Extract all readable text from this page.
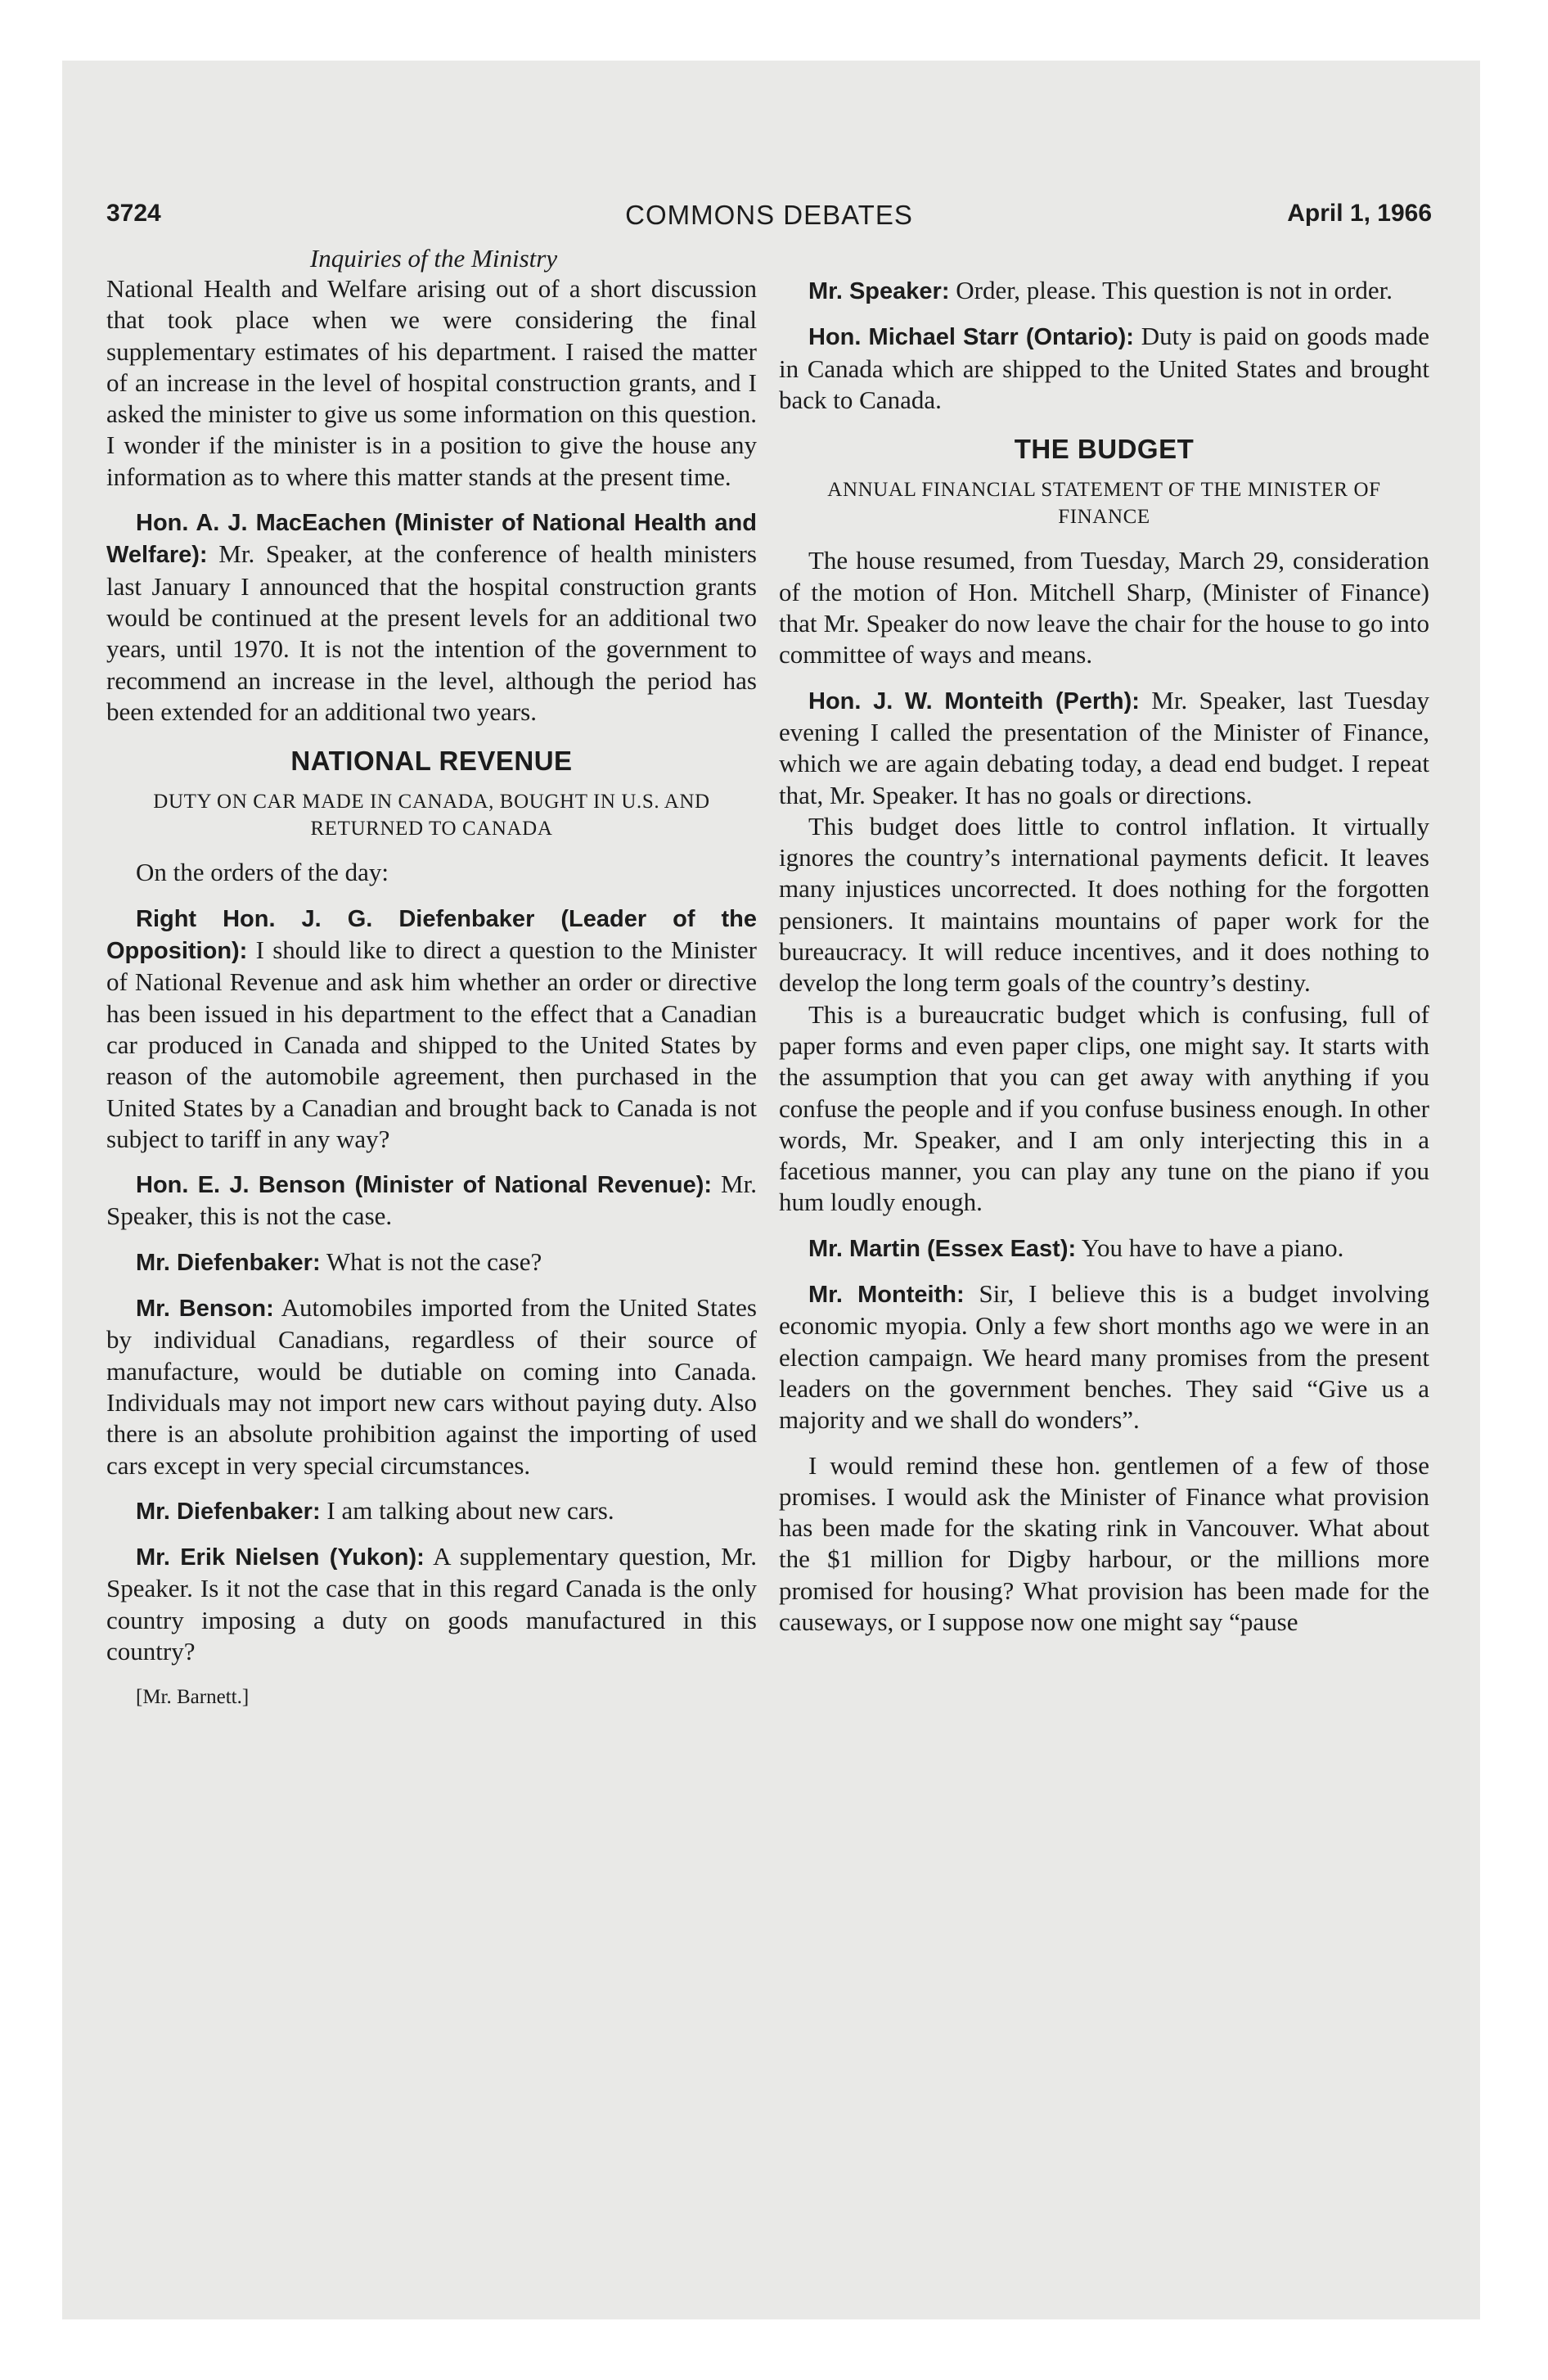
3724	COMMONS DEBATES	April 1, 1966
Inquiries of the Ministry

National Health and Welfare arising out of a short discussion that took place when we were considering the final supplementary estimates of his department. I raised the matter of an increase in the level of hospital construction grants, and I asked the minister to give us some information on this question. I wonder if the minister is in a position to give the house any information as to where this matter stands at the present time.

Hon. A. J. MacEachen (Minister of National Health and Welfare): Mr. Speaker, at the conference of health ministers last January I announced that the hospital construction grants would be continued at the present levels for an additional two years, until 1970. It is not the intention of the government to recommend an increase in the level, although the period has been extended for an additional two years.

NATIONAL REVENUE
DUTY ON CAR MADE IN CANADA, BOUGHT IN U.S. AND RETURNED TO CANADA

On the orders of the day:

Right Hon. J. G. Diefenbaker (Leader of the Opposition): I should like to direct a question to the Minister of National Revenue and ask him whether an order or directive has been issued in his department to the effect that a Canadian car produced in Canada and shipped to the United States by reason of the automobile agreement, then purchased in the United States by a Canadian and brought back to Canada is not subject to tariff in any way?

Hon. E. J. Benson (Minister of National Revenue): Mr. Speaker, this is not the case.

Mr. Diefenbaker: What is not the case?

Mr. Benson: Automobiles imported from the United States by individual Canadians, regardless of their source of manufacture, would be dutiable on coming into Canada. Individuals may not import new cars without paying duty. Also there is an absolute prohibition against the importing of used cars except in very special circumstances.

Mr. Diefenbaker: I am talking about new cars.

Mr. Erik Nielsen (Yukon): A supplementary question, Mr. Speaker. Is it not the case that in this regard Canada is the only country imposing a duty on goods manufactured in this country?

[Mr. Barnett.]

Mr. Speaker: Order, please. This question is not in order.

Hon. Michael Starr (Ontario): Duty is paid on goods made in Canada which are shipped to the United States and brought back to Canada.

THE BUDGET
ANNUAL FINANCIAL STATEMENT OF THE MINISTER OF FINANCE

The house resumed, from Tuesday, March 29, consideration of the motion of Hon. Mitchell Sharp, (Minister of Finance) that Mr. Speaker do now leave the chair for the house to go into committee of ways and means.

Hon. J. W. Monteith (Perth): Mr. Speaker, last Tuesday evening I called the presentation of the Minister of Finance, which we are again debating today, a dead end budget. I repeat that, Mr. Speaker. It has no goals or directions.

This budget does little to control inflation. It virtually ignores the country’s international payments deficit. It leaves many injustices uncorrected. It does nothing for the forgotten pensioners. It maintains mountains of paper work for the bureaucracy. It will reduce incentives, and it does nothing to develop the long term goals of the country’s destiny.

This is a bureaucratic budget which is confusing, full of paper forms and even paper clips, one might say. It starts with the assumption that you can get away with anything if you confuse the people and if you confuse business enough. In other words, Mr. Speaker, and I am only interjecting this in a facetious manner, you can play any tune on the piano if you hum loudly enough.

Mr. Martin (Essex East): You have to have a piano.

Mr. Monteith: Sir, I believe this is a budget involving economic myopia. Only a few short months ago we were in an election campaign. We heard many promises from the present leaders on the government benches. They said “Give us a majority and we shall do wonders”.

I would remind these hon. gentlemen of a few of those promises. I would ask the Minister of Finance what provision has been made for the skating rink in Vancouver. What about the $1 million for Digby harbour, or the millions more promised for housing? What provision has been made for the causeways, or I suppose now one might say “pause
